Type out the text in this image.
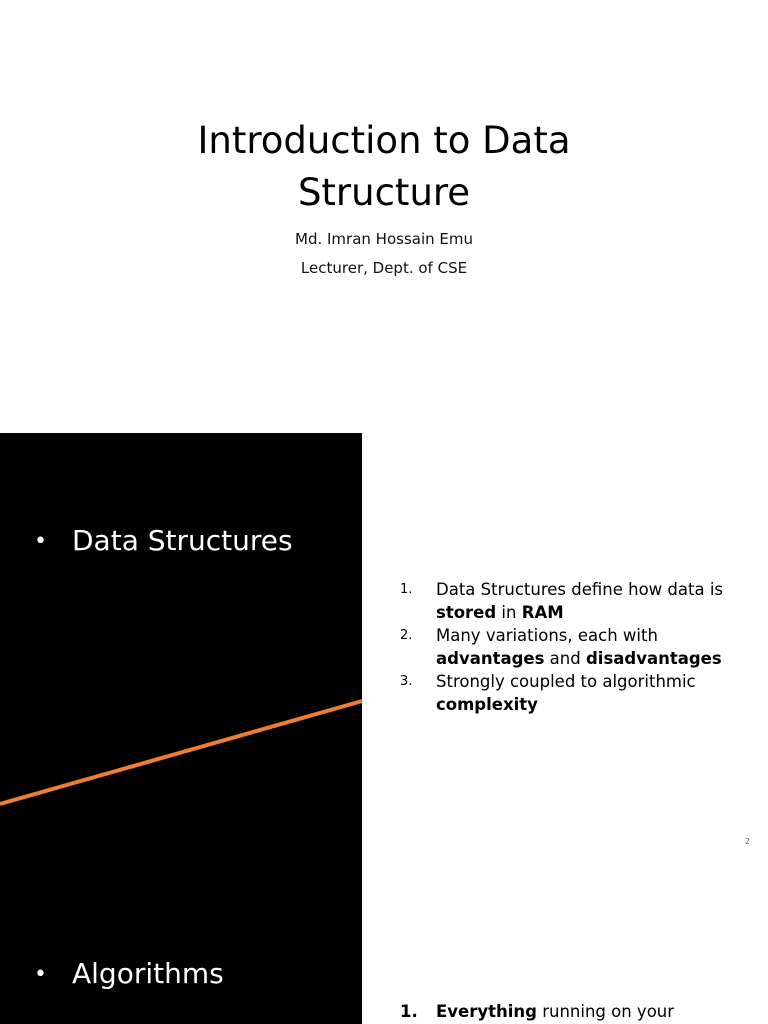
Introduction to Data
Structure
Md. Imran Hossain Emu
Lecturer, Dept. of CSE
• Data Structures
• Algorithms
1. Data Structures define how data is stored in RAM
2. Many variations, each with advantages and disadvantages
3. Strongly coupled to algorithmic complexity
2
1. Everything running on your
